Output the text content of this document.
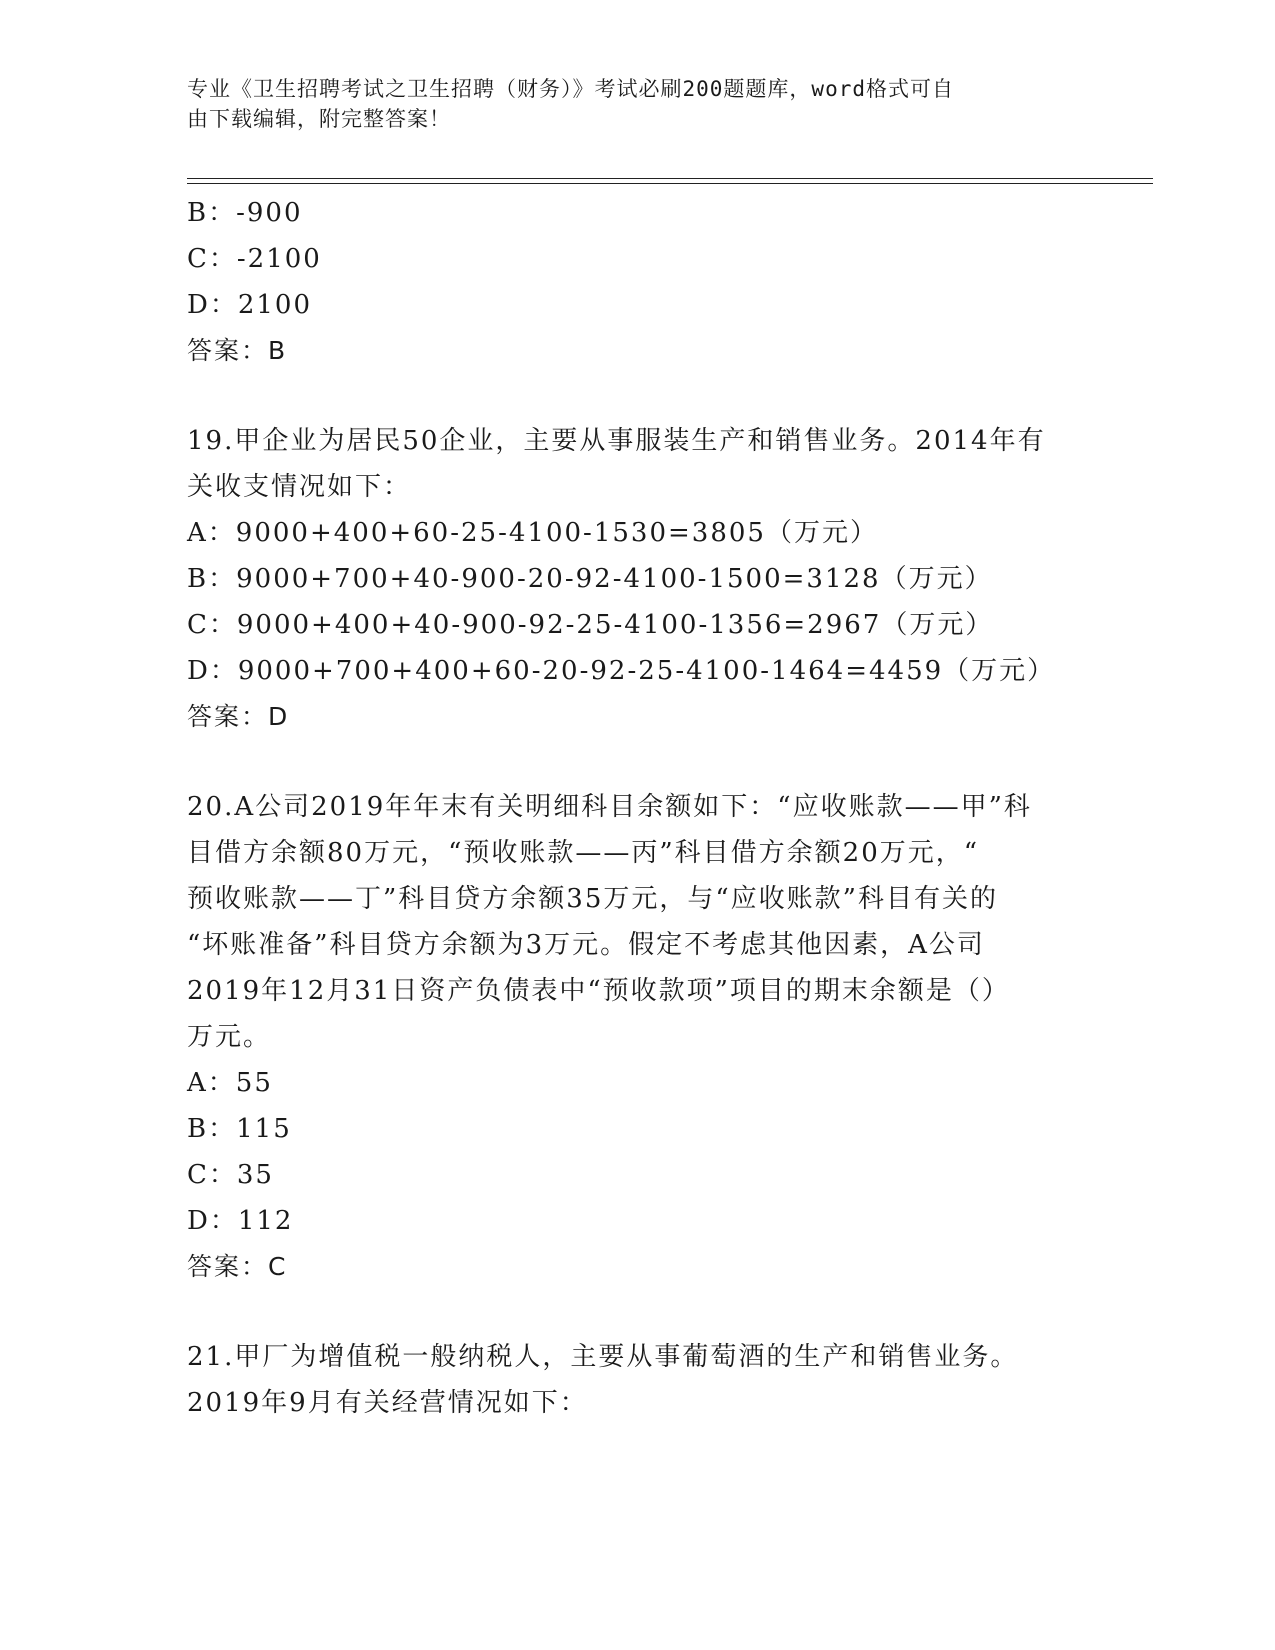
专业《卫生招聘考试之卫生招聘（财务）》考试必刷200题题库，word格式可自
由下载编辑，附完整答案！
B：-900
C：-2100
D：2100
答案：B
19.甲企业为居民50企业，主要从事服装生产和销售业务。2014年有
关收支情况如下：
A：9000+400+60-25-4100-1530=3805（万元）
B：9000+700+40-900-20-92-4100-1500=3128（万元）
C：9000+400+40-900-92-25-4100-1356=2967（万元）
D：9000+700+400+60-20-92-25-4100-1464=4459（万元）
答案：D
20.A公司2019年年末有关明细科目余额如下：“应收账款——甲”科
目借方余额80万元，“预收账款——丙”科目借方余额20万元，“
预收账款——丁”科目贷方余额35万元，与“应收账款”科目有关的
“坏账准备”科目贷方余额为3万元。假定不考虑其他因素，A公司
2019年12月31日资产负债表中“预收款项”项目的期末余额是（）
万元。
A：55
B：115
C：35
D：112
答案：C
21.甲厂为增值税一般纳税人，主要从事葡萄酒的生产和销售业务。
2019年9月有关经营情况如下：
